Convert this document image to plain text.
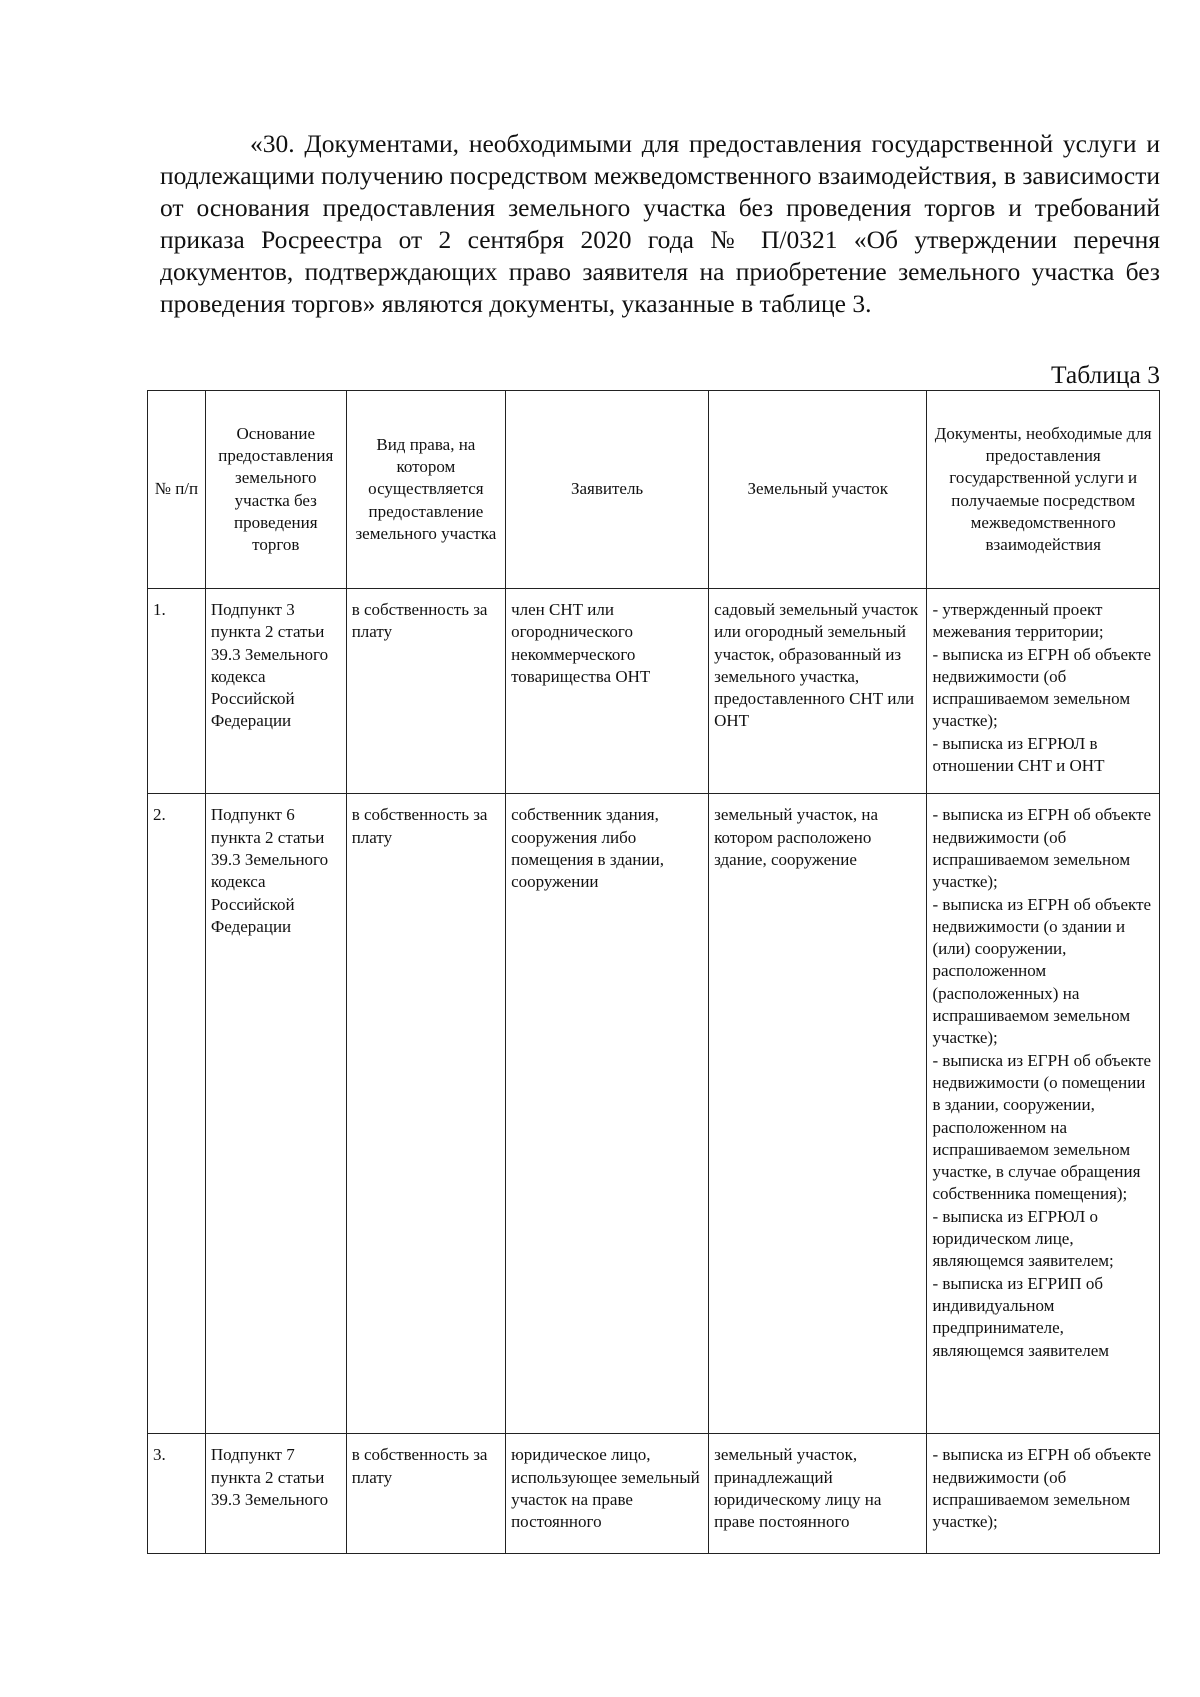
«30. Документами, необходимыми для предоставления государственной услуги и подлежащими получению посредством межведомственного взаимодействия, в зависимости от основания предоставления земельного участка без проведения торгов и требований приказа Росреестра от 2 сентября 2020 года № П/0321 «Об утверждении перечня документов, подтверждающих право заявителя на приобретение земельного участка без проведения торгов» являются документы, указанные в таблице 3.

Таблица 3

№ п/п	Основание предоставления земельного участка без проведения торгов	Вид права, на котором осуществляется предоставление земельного участка	Заявитель	Земельный участок	Документы, необходимые для предоставления государственной услуги и получаемые посредством межведомственного взаимодействия
1.	Подпункт 3 пункта 2 статьи 39.3 Земельного кодекса Российской Федерации	в собственность за плату	член СНТ или огороднического некоммерческого товарищества ОНТ	садовый земельный участок или огородный земельный участок, образованный из земельного участка, предоставленного СНТ или ОНТ	- утвержденный проект межевания территории;
- выписка из ЕГРН об объекте недвижимости (об испрашиваемом земельном участке);
- выписка из ЕГРЮЛ в отношении СНТ и ОНТ
2.	Подпункт 6 пункта 2 статьи 39.3 Земельного кодекса Российской Федерации	в собственность за плату	собственник здания, сооружения либо помещения в здании, сооружении	земельный участок, на котором расположено здание, сооружение	- выписка из ЕГРН об объекте недвижимости (об испрашиваемом земельном участке);
- выписка из ЕГРН об объекте недвижимости (о здании и (или) сооружении, расположенном (расположенных) на испрашиваемом земельном участке);
- выписка из ЕГРН об объекте недвижимости (о помещении в здании, сооружении, расположенном на испрашиваемом земельном участке, в случае обращения собственника помещения);
- выписка из ЕГРЮЛ о юридическом лице, являющемся заявителем;
- выписка из ЕГРИП об индивидуальном предпринимателе, являющемся заявителем
3.	Подпункт 7 пункта 2 статьи 39.3 Земельного	в собственность за плату	юридическое лицо, использующее земельный участок на праве постоянного	земельный участок, принадлежащий юридическому лицу на праве постоянного	- выписка из ЕГРН об объекте недвижимости (об испрашиваемом земельном участке);
